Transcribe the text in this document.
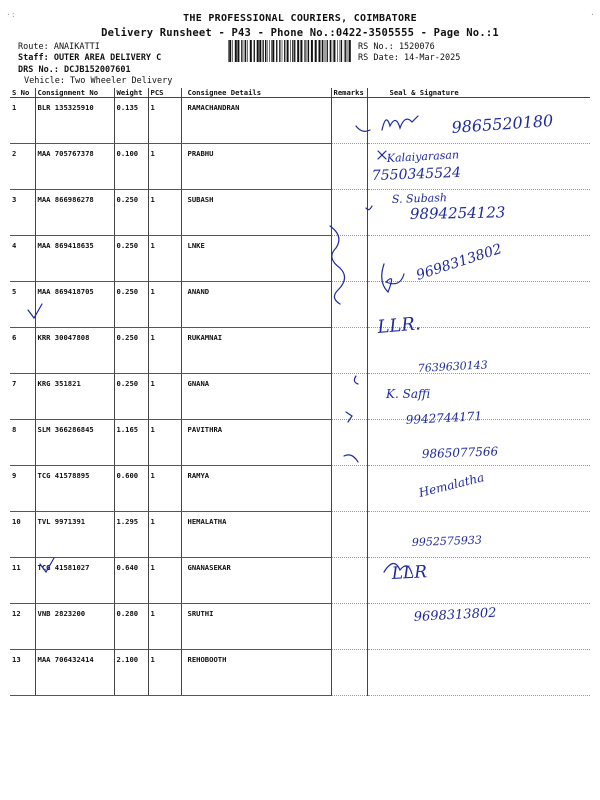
·:	·
THE PROFESSIONAL COURIERS, COIMBATORE
Delivery Runsheet - P43 - Phone No.:0422-3505555 - Page No.:1
Route: ANAIKATTI
Staff: OUTER AREA DELIVERY C
DRS No.: DCJB152007601
Vehicle: Two Wheeler Delivery
RS No.: 1520076
RS Date: 14-Mar-2025
S No	Consignment No	Weight	PCS	Consignee Details	Remarks	Seal & Signature
1	BLR 135325910	0.135	1	RAMACHANDRAN		
2	MAA 705767378	0.100	1	PRABHU		
3	MAA 866986278	0.250	1	SUBASH		
4	MAA 869418635	0.250	1	LNKE		
5	MAA 869418705	0.250	1	ANAND		
6	KRR 30047808	0.250	1	RUKAMNAI		
7	KRG 351821	0.250	1	GNANA		
8	SLM 366286845	1.165	1	PAVITHRA		
9	TCG 41578895	0.600	1	RAMYA		
10	TVL 9971391	1.295	1	HEMALATHA		
11	TCG 41581027	0.640	1	GNANASEKAR		
12	VNB 2823200	0.280	1	SRUTHI		
13	MAA 706432414	2.100	1	REHOBOOTH		
9865520180
Kalaiyarasan
7550345524
S. Subash
9894254123
9698313802
LLR.
7639630143
K. Saffi
9942744171
9865077566
Hemalatha
9952575933
LLR
9698313802
